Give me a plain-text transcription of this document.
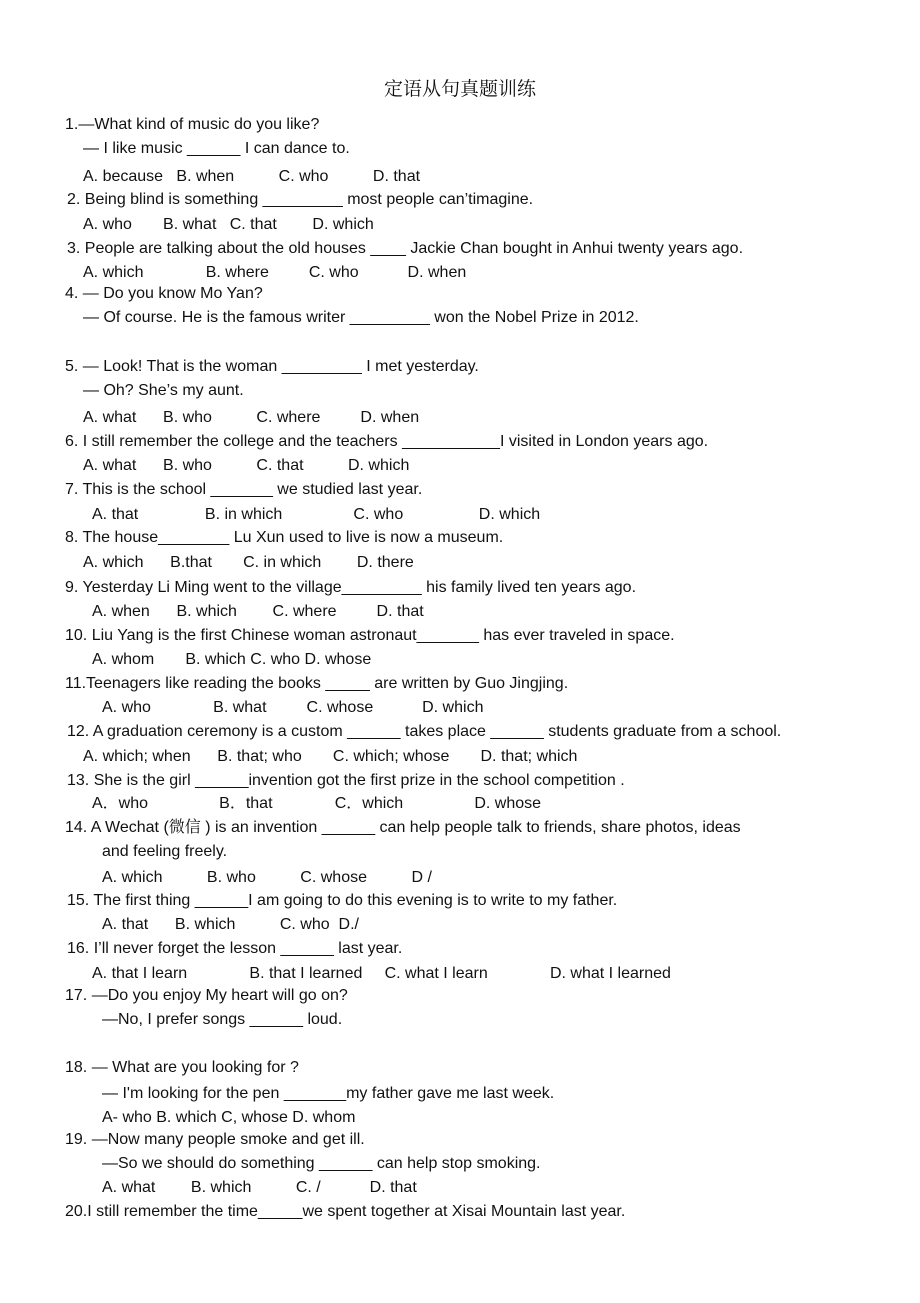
定语从句真题训练
1.—What kind of music do you like?
— I like music ______ I can dance to.
A. because   B. when          C. who          D. that
2. Being blind is something _________ most people can’timagine.
A. who       B. what   C. that        D. which
3. People are talking about the old houses ____ Jackie Chan bought in Anhui twenty years ago.
A. which              B. where         C. who           D. when
4. — Do you know Mo Yan?
— Of course. He is the famous writer _________ won the Nobel Prize in 2012.
5. — Look! That is the woman _________ I met yesterday.
— Oh? She’s my aunt.
A. what      B. who          C. where         D. when
6. I still remember the college and the teachers ___________I visited in London years ago.
A. what      B. who          C. that          D. which
7. This is the school _______ we studied last year.
A. that               B. in which                C. who                 D. which
8. The house________ Lu Xun used to live is now a museum.
A. which      B.that       C. in which        D. there
9. Yesterday Li Ming went to the village_________ his family lived ten years ago.
A. when      B. which        C. where         D. that
10. Liu Yang is the first Chinese woman astronaut_______ has ever traveled in space.
A. whom       B. which C. who D. whose
11.Teenagers like reading the books _____ are written by Guo Jingjing.
A. who              B. what         C. whose           D. which
12. A graduation ceremony is a custom ______ takes place ______ students graduate from a school.
A. which; when      B. that; who       C. which; whose       D. that; which
13. She is the girl ______invention got the first prize in the school competition .
A．who                B．that              C．which                D. whose
14. A Wechat (微信 ) is an invention ______ can help people talk to friends, share photos, ideas
and feeling freely.
A. which          B. who          C. whose          D /
15. The first thing ______I am going to do this evening is to write to my father.
A. that      B. which          C. who  D./
16. I’ll never forget the lesson ______ last year.
A. that I learn              B. that I learned     C. what I learn              D. what I learned
17. —Do you enjoy My heart will go on?
—No, I prefer songs ______ loud.
18. — What are you looking for ?
— I'm looking for the pen _______my father gave me last week.
A- who B. which C, whose D. whom
19. —Now many people smoke and get ill.
—So we should do something ______ can help stop smoking.
A. what        B. which          C. /           D. that
20.I still remember the time_____we spent together at Xisai Mountain last year.
